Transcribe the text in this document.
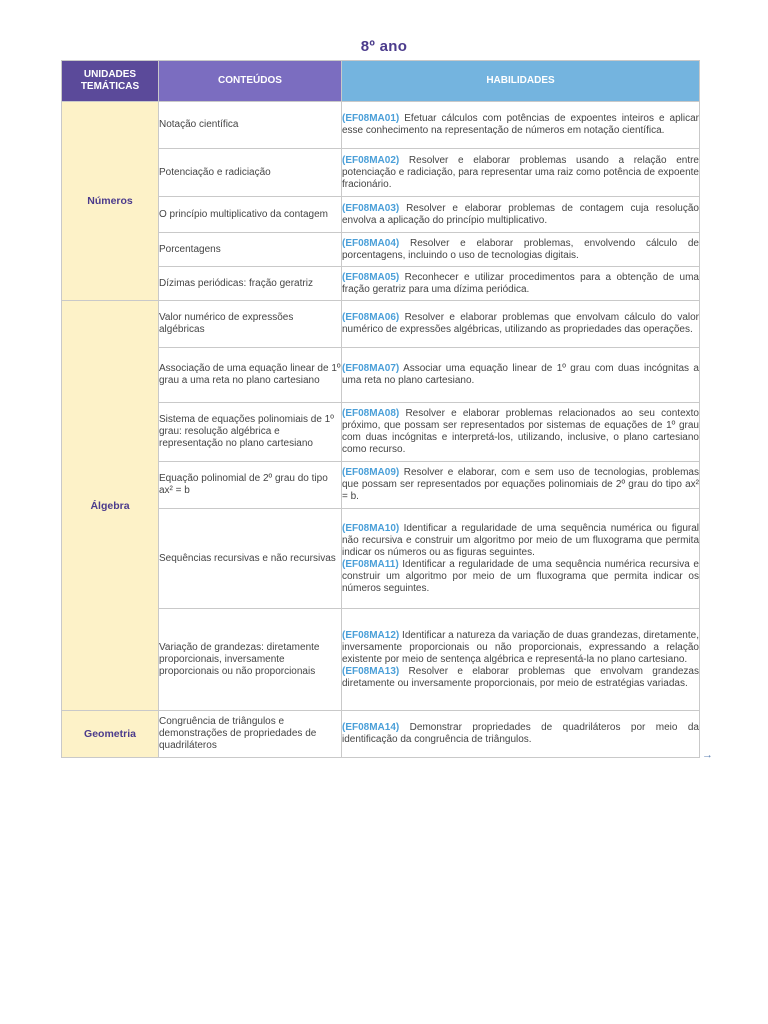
8º ano
UNIDADES TEMÁTICAS	CONTEÚDOS	HABILIDADES
Números	Notação científica	(EF08MA01) Efetuar cálculos com potências de expoentes inteiros e aplicar esse conhecimento na representação de números em notação científica.

	Potenciação e radiciação	(EF08MA02) Resolver e elaborar problemas usando a relação entre potenciação e radiciação, para representar uma raiz como potência de expoente fracionário.

	O princípio multiplicativo da contagem	(EF08MA03) Resolver e elaborar problemas de contagem cuja resolução envolva a aplicação do princípio multiplicativo.

	Porcentagens	(EF08MA04) Resolver e elaborar problemas, envolvendo cálculo de porcentagens, incluindo o uso de tecnologias digitais.

	Dízimas periódicas: fração geratriz	(EF08MA05) Reconhecer e utilizar procedimentos para a obtenção de uma fração geratriz para uma dízima periódica.

Álgebra	Valor numérico de expressões algébricas	(EF08MA06) Resolver e elaborar problemas que envolvam cálculo do valor numérico de expressões algébricas, utilizando as propriedades das operações.

	Associação de uma equação linear de 1º grau a uma reta no plano cartesiano	(EF08MA07) Associar uma equação linear de 1º grau com duas incógnitas a uma reta no plano cartesiano.

	Sistema de equações polinomiais de 1º grau: resolução algébrica e representação no plano cartesiano	(EF08MA08) Resolver e elaborar problemas relacionados ao seu contexto próximo, que possam ser representados por sistemas de equações de 1º grau com duas incógnitas e interpretá-los, utilizando, inclusive, o plano cartesiano como recurso.

	Equação polinomial de 2º grau do tipo ax² = b	(EF08MA09) Resolver e elaborar, com e sem uso de tecnologias, problemas que possam ser representados por equações polinomiais de 2º grau do tipo ax² = b.

	Sequências recursivas e não recursivas	(EF08MA10) Identificar a regularidade de uma sequência numérica ou figural não recursiva e construir um algoritmo por meio de um fluxograma que permita indicar os números ou as figuras seguintes.
(EF08MA11) Identificar a regularidade de uma sequência numérica recursiva e construir um algoritmo por meio de um fluxograma que permita indicar os números seguintes.

	Variação de grandezas: diretamente proporcionais, inversamente proporcionais ou não proporcionais	(EF08MA12) Identificar a natureza da variação de duas grandezas, diretamente, inversamente proporcionais ou não proporcionais, expressando a relação existente por meio de sentença algébrica e representá-la no plano cartesiano.
(EF08MA13) Resolver e elaborar problemas que envolvam grandezas diretamente ou inversamente proporcionais, por meio de estratégias variadas.

Geometria	Congruência de triângulos e demonstrações de propriedades de quadriláteros	(EF08MA14) Demonstrar propriedades de quadriláteros por meio da identificação da congruência de triângulos.
→
